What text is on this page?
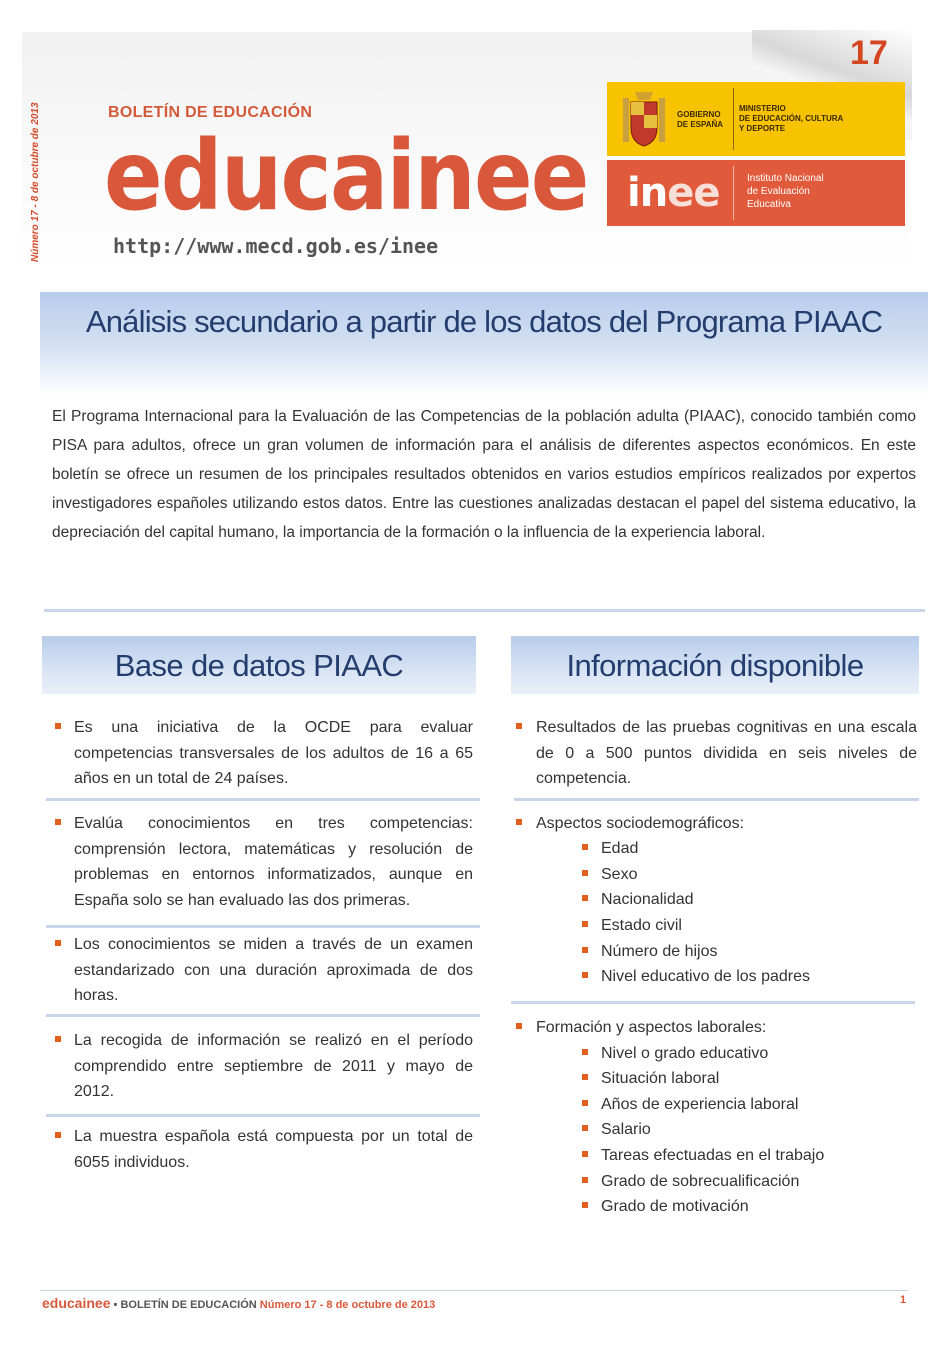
17
Número 17 - 8 de octubre de 2013	BOLETÍN DE EDUCACIÓN
educainee
http://www.mecd.gob.es/inee
GOBIERNO
DE ESPAÑA
MINISTERIO
DE EDUCACIÓN, CULTURA
Y DEPORTE
inee	Instituto Nacional
de Evaluación
Educativa
Análisis secundario a partir de los datos del Programa PIAAC

El Programa Internacional para la Evaluación de las Competencias de la población adulta (PIAAC), conocido también como PISA para adultos, ofrece un gran volumen de información para el análisis de diferentes aspectos económicos. En este boletín se ofrece un resumen de los principales resultados obtenidos en varios estudios empíricos realizados por expertos investigadores españoles utilizando estos datos. Entre las cuestiones analizadas destacan el papel del sistema educativo, la depreciación del capital humano, la importancia de la formación o la influencia de la experiencia laboral.

Base de datos PIAAC
Es una iniciativa de la OCDE para evaluar competencias transversales de los adultos de 16 a 65 años en un total de 24 países.
Evalúa conocimientos en tres competencias: comprensión lectora, matemáticas y resolución de problemas en entornos informatizados, aunque en España solo se han evaluado las dos primeras.
Los conocimientos se miden a través de un examen estandarizado con una duración aproximada de dos horas.
La recogida de información se realizó en el período comprendido entre septiembre de 2011 y mayo de 2012.
La muestra española está compuesta por un total de 6055 individuos.
Información disponible
Resultados de las pruebas cognitivas en una escala de 0 a 500 puntos dividida en seis niveles de competencia.
Aspectos sociodemográficos:
Edad
Sexo
Nacionalidad
Estado civil
Número de hijos
Nivel educativo de los padres
Formación y aspectos laborales:
Nivel o grado educativo
Situación laboral
Años de experiencia laboral
Salario
Tareas efectuadas en el trabajo
Grado de sobrecualificación
Grado de motivación
educainee • BOLETÍN DE EDUCACIÓN Número 17 - 8 de octubre de 2013	1
